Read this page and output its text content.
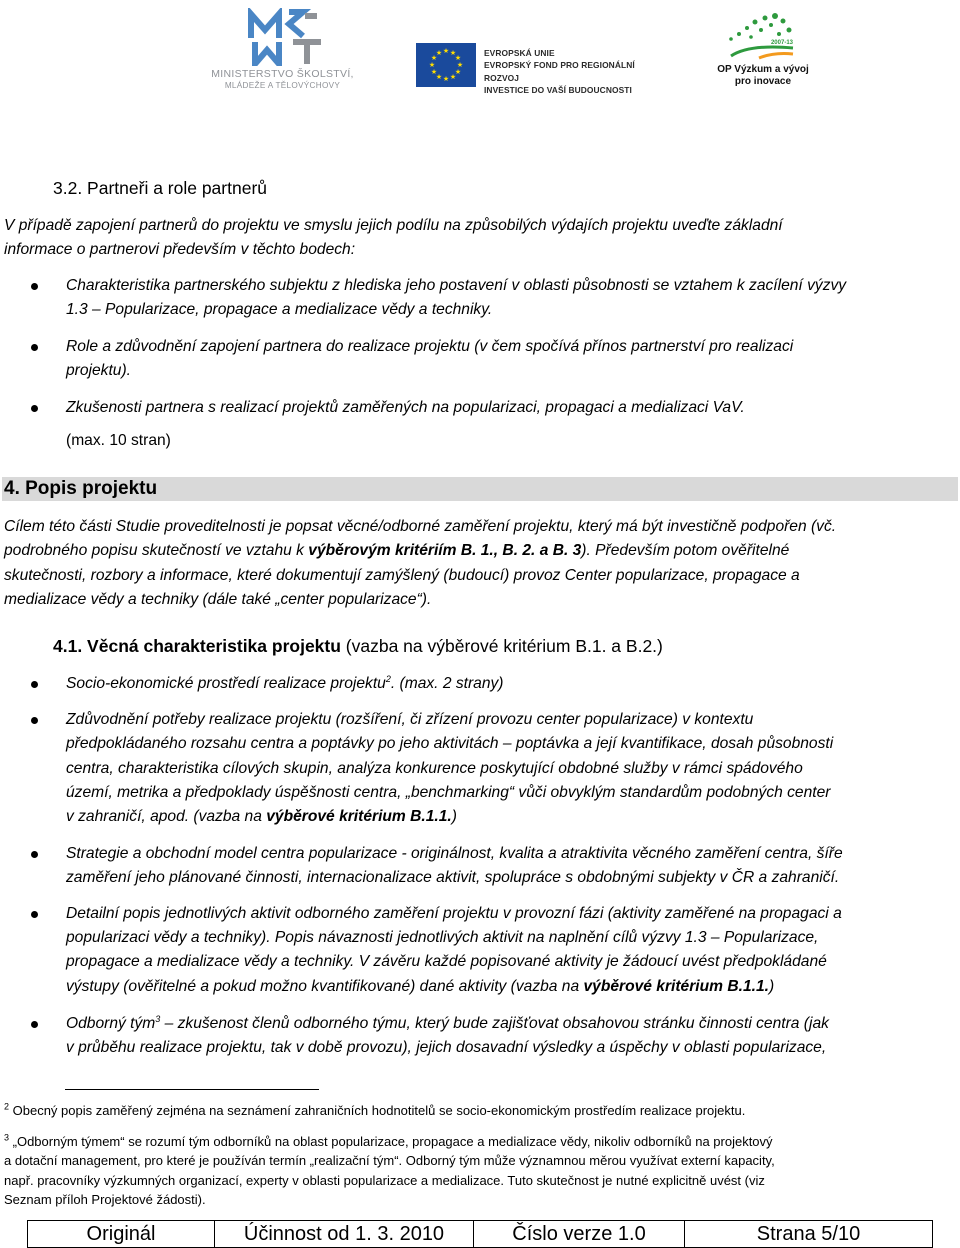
MINISTERSTVO ŠKOLSTVÍ,
MLÁDEŽE A TĚLOVÝCHOVY
★ ★
★
★
★
★
★
★
★
★
★
★	EVROPSKÁ UNIE
EVROPSKÝ FOND PRO REGIONÁLNÍ ROZVOJ
INVESTICE DO VAŠÍ BUDOUCNOSTI
2007-13
OP Výzkum a vývoj
pro inovace
3.2. Partneři a role partnerů
V případě zapojení partnerů do projektu ve smyslu jejich podílu na způsobilých výdajích projektu uveďte základní
informace o partnerovi především v těchto bodech:
Charakteristika partnerského subjektu z hlediska jeho postavení v oblasti působnosti se vztahem k zacílení výzvy
1.3 – Popularizace, propagace a medializace vědy a techniky.
Role a zdůvodnění zapojení partnera do realizace projektu (v čem spočívá přínos partnerství pro realizaci
projektu).
Zkušenosti partnera s realizací projektů zaměřených na popularizaci, propagaci a medializaci VaV.
(max. 10 stran)
4. Popis projektu
Cílem této části Studie proveditelnosti je popsat věcné/odborné zaměření projektu, který má být investičně podpořen (vč.
podrobného popisu skutečností ve vztahu k výběrovým kritériím B. 1., B. 2. a B. 3). Především potom ověřitelné
skutečnosti, rozbory a informace, které dokumentují zamýšlený (budoucí) provoz Center popularizace, propagace a
medializace vědy a techniky (dále také „center popularizace“).
4.1. Věcná charakteristika projektu (vazba na výběrové kritérium B.1. a B.2.)
Socio-ekonomické prostředí realizace projektu$^2$. (max. 2 strany)
Zdůvodnění potřeby realizace projektu (rozšíření, či zřízení provozu center popularizace) v kontextu
předpokládaného rozsahu centra a poptávky po jeho aktivitách – poptávka a její kvantifikace, dosah působnosti
centra, charakteristika cílových skupin, analýza konkurence poskytující obdobné služby v rámci spádového
území, metrika a předpoklady úspěšnosti centra, „benchmarking“ vůči obvyklým standardům podobných center
v zahraničí, apod. (vazba na výběrové kritérium B.1.1.)
Strategie a obchodní model centra popularizace - originálnost, kvalita a atraktivita věcného zaměření centra, šíře
zaměření jeho plánované činnosti, internacionalizace aktivit, spolupráce s obdobnými subjekty v ČR a zahraničí.
Detailní popis jednotlivých aktivit odborného zaměření projektu v provozní fázi (aktivity zaměřené na propagaci a
popularizaci vědy a techniky). Popis návaznosti jednotlivých aktivit na naplnění cílů výzvy 1.3 – Popularizace,
propagace a medializace vědy a techniky. V závěru každé popisované aktivity je žádoucí uvést předpokládané
výstupy (ověřitelné a pokud možno kvantifikované) dané aktivity (vazba na výběrové kritérium B.1.1.)
Odborný tým$^3$ – zkušenost členů odborného týmu, který bude zajišťovat obsahovou stránku činnosti centra (jak
v průběhu realizace projektu, tak v době provozu), jejich dosavadní výsledky a úspěchy v oblasti popularizace,
$^2$ Obecný popis zaměřený zejména na seznámení zahraničních hodnotitelů se socio-ekonomickým prostředím realizace projektu.
$^3$ „Odborným týmem“ se rozumí tým odborníků na oblast popularizace, propagace a medializace vědy, nikoliv odborníků na projektový
a dotační management, pro které je používán termín „realizační tým“. Odborný tým může významnou měrou využívat externí kapacity,
např. pracovníky výzkumných organizací, experty v oblasti popularizace a medializace. Tuto skutečnost je nutné explicitně uvést (viz
Seznam příloh Projektové žádosti).
Originál	Účinnost od 1. 3. 2010	Číslo verze 1.0	Strana 5/10
